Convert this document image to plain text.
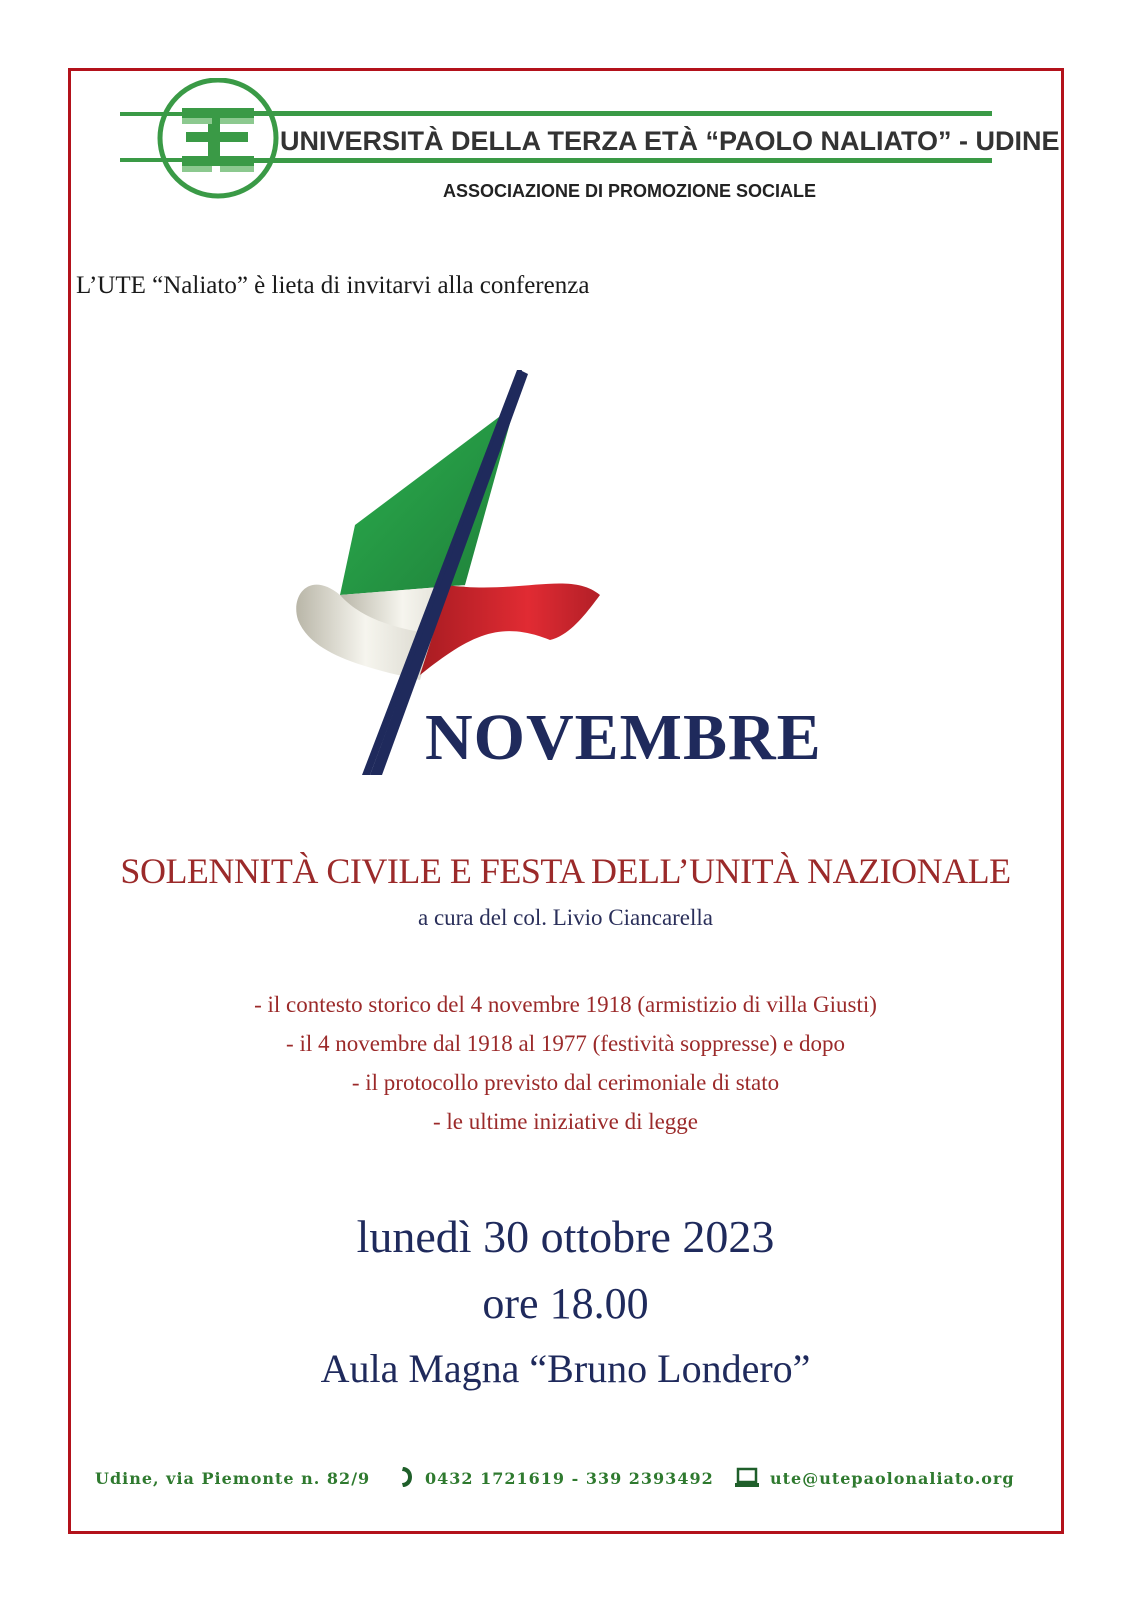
UNIVERSITÀ DELLA TERZA ETÀ “PAOLO NALIATO” - UDINE
ASSOCIAZIONE DI PROMOZIONE SOCIALE
L’UTE “Naliato” è lieta di invitarvi alla conferenza
NOVEMBRE
SOLENNITÀ CIVILE E FESTA DELL’UNITÀ NAZIONALE
a cura del col. Livio Ciancarella
- il contesto storico del 4 novembre 1918 (armistizio di villa Giusti)
- il 4 novembre dal 1918 al 1977 (festività soppresse) e dopo
- il protocollo previsto dal cerimoniale di stato
- le ultime iniziative di legge
lunedì 30 ottobre 2023
ore 18.00
Aula Magna “Bruno Londero”
Udine, via Piemonte n. 82/9	0432 1721619 - 339 2393492	ute@utepaolonaliato.org
